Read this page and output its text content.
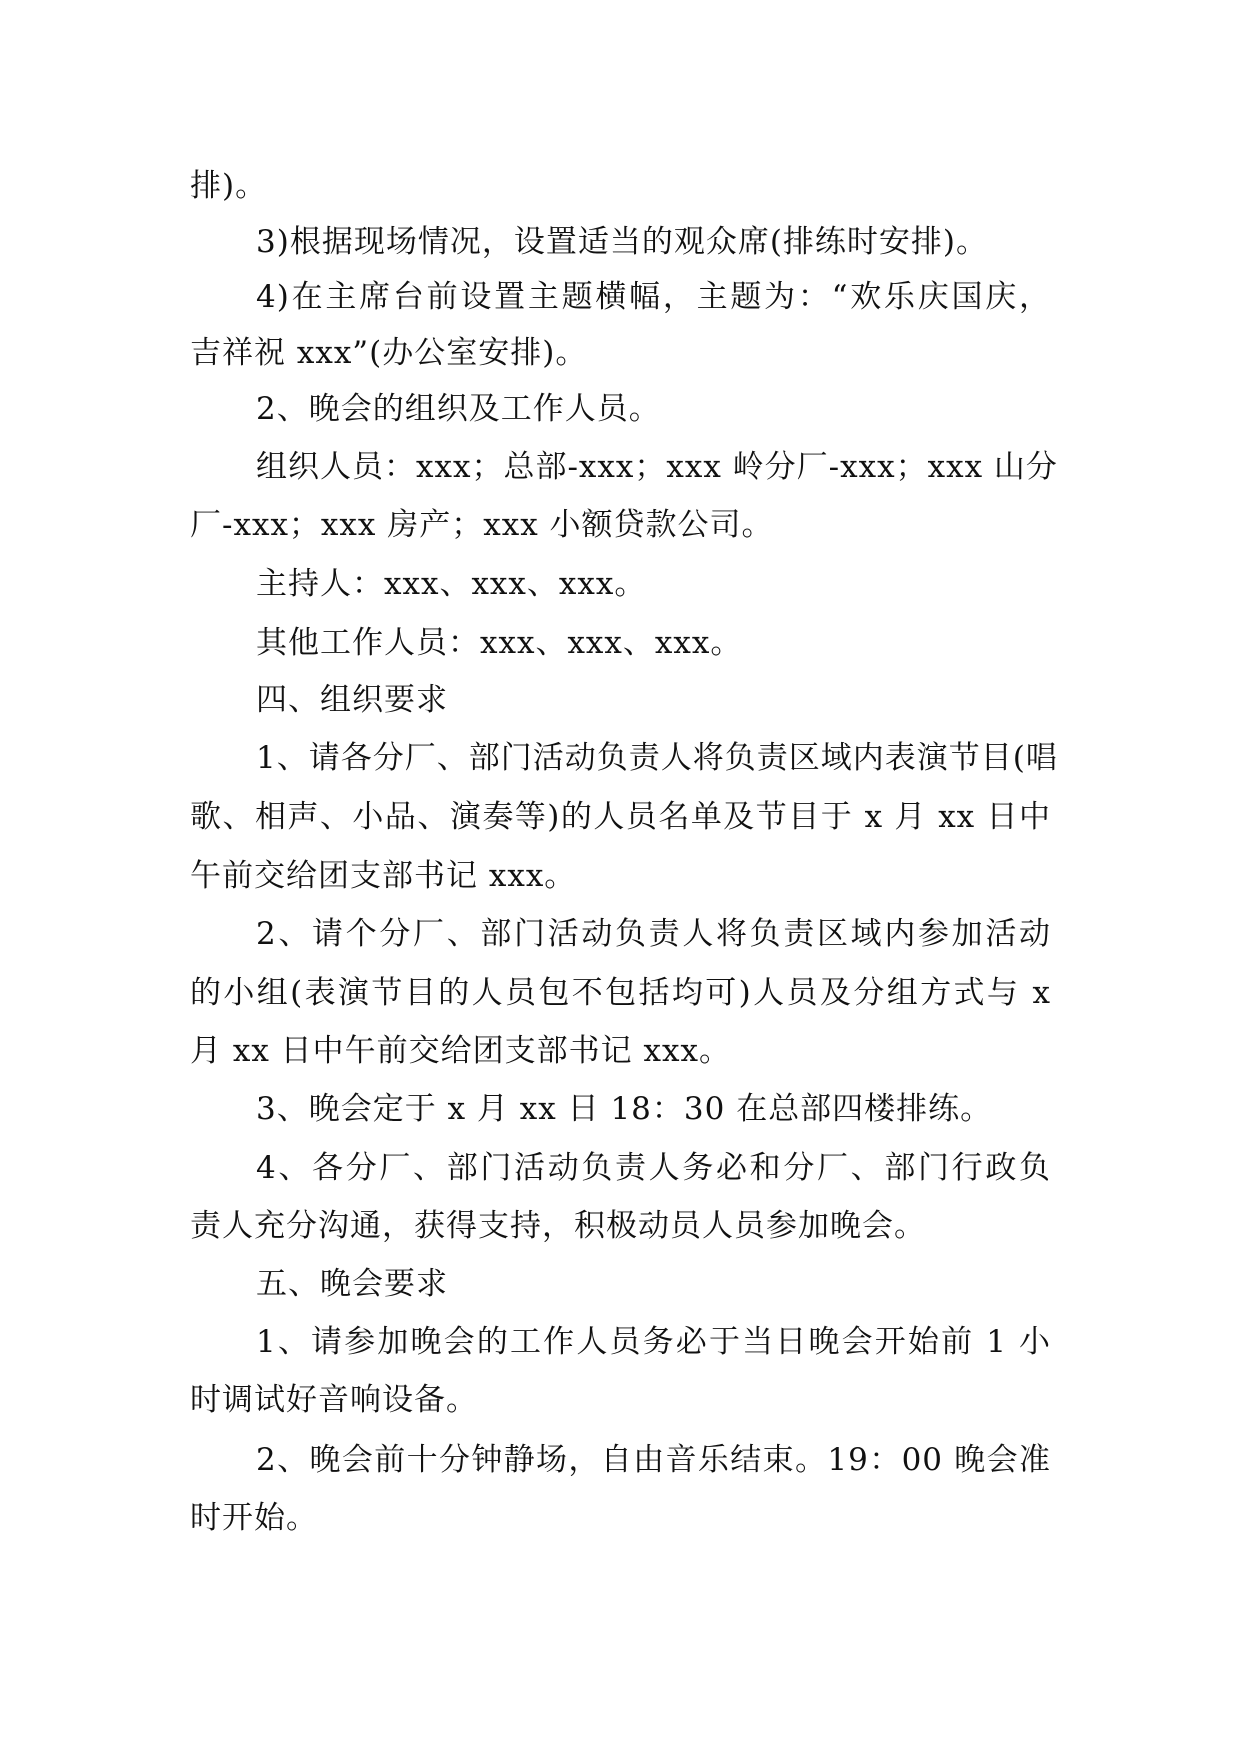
排)。
3)根据现场情况，设置适当的观众席(排练时安排)。
4)在主席台前设置主题横幅，主题为：“欢乐庆国庆，
吉祥祝 xxx”(办公室安排)。
2、晚会的组织及工作人员。
组织人员：xxx；总部-xxx；xxx 岭分厂-xxx；xxx 山分
厂-xxx；xxx 房产；xxx 小额贷款公司。
主持人：xxx、xxx、xxx。
其他工作人员：xxx、xxx、xxx。
四、组织要求
1、请各分厂、部门活动负责人将负责区域内表演节目(唱
歌、相声、小品、演奏等)的人员名单及节目于 x 月 xx 日中
午前交给团支部书记 xxx。
2、请个分厂、部门活动负责人将负责区域内参加活动
的小组(表演节目的人员包不包括均可)人员及分组方式与 x
月 xx 日中午前交给团支部书记 xxx。
3、晚会定于 x 月 xx 日 18：30 在总部四楼排练。
4、各分厂、部门活动负责人务必和分厂、部门行政负
责人充分沟通，获得支持，积极动员人员参加晚会。
五、晚会要求
1、请参加晚会的工作人员务必于当日晚会开始前 1 小
时调试好音响设备。
2、晚会前十分钟静场，自由音乐结束。19：00 晚会准
时开始。
